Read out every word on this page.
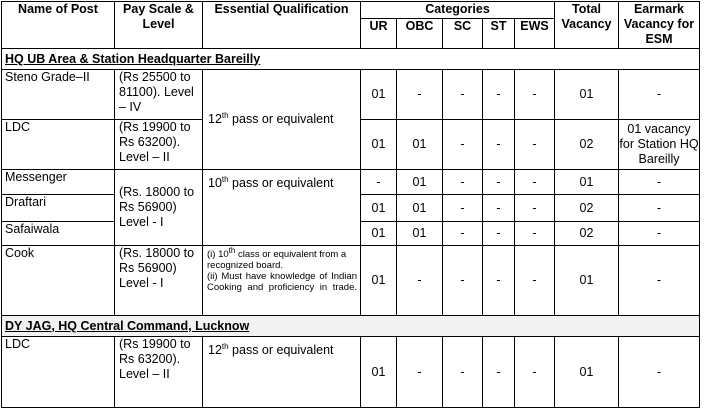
Name of Post	Pay Scale & Level	Essential Qualification	Categories					Total Vacancy	Earmark Vacancy for ESM
			UR	OBC	SC	ST	EWS		
HQ UB Area & Station Headquarter Bareilly									
Steno Grade–II	(Rs 25500 to 81100). Level – IV	12th pass or equivalent	01	-	-	-	-	01	-
LDC	(Rs 19900 to Rs 63200). Level – II		01	01	-	-	-	02	01 vacancy for Station HQ Bareilly
Messenger	(Rs. 18000 to Rs 56900) Level - I	10th pass or equivalent	-	01	-	-	-	01	-
Draftari			01	01	-	-	-	02	-
Safaiwala			01	01	-	-	-	02	-
Cook	(Rs. 18000 to Rs 56900) Level - I	(i) 10th class or equivalent from a recognized board.
(ii) Must have knowledge of Indian Cooking and proficiency in trade.	01	-	-	-	-	01	-
DY JAG, HQ Central Command, Lucknow									
LDC	(Rs 19900 to Rs 63200). Level – II	12th pass or equivalent	01	-	-	-	-	01	-
